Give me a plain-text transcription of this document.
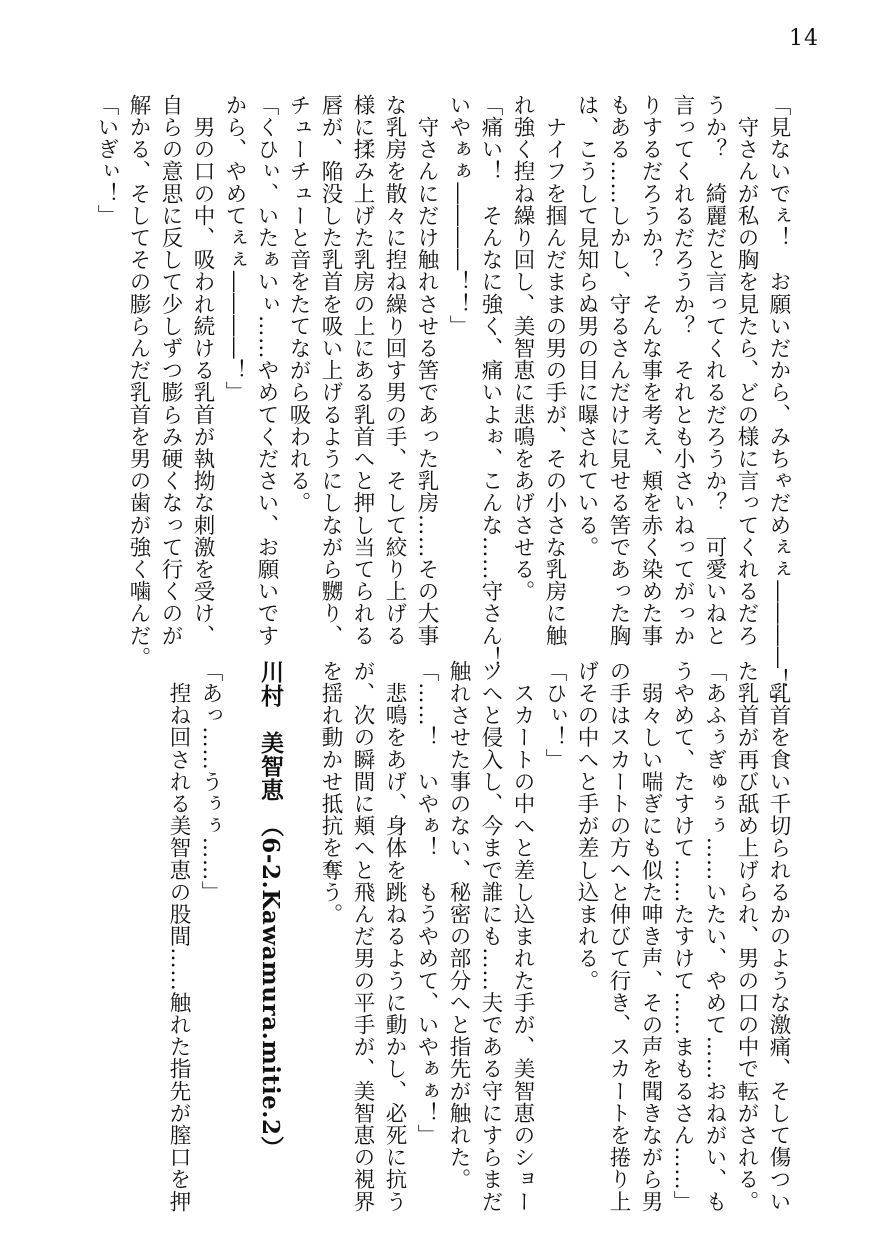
14
「見ないでぇ！　お願いだから、みちゃだめぇぇ――――！」
　守さんが私の胸を見たら、どの様に言ってくれるだろ
うか？　綺麗だと言ってくれるだろうか？　可愛いねと
言ってくれるだろうか？　それとも小さいねってがっか
りするだろうか？　そんな事を考え、頬を赤く染めた事
もある……しかし、守るさんだけに見せる筈であった胸
は、こうして見知らぬ男の目に曝されている。
　ナイフを掴んだままの男の手が、その小さな乳房に触
れ強く揑ね繰り回し、美智恵に悲鳴をあげさせる。
「痛い！　そんなに強く、痛いよぉ、こんな……守さん！
いやぁぁ――――！！」
　守さんにだけ触れさせる筈であった乳房……その大事
な乳房を散々に揑ね繰り回す男の手、そして絞り上げる
様に揉み上げた乳房の上にある乳首へと押し当てられる
唇が、陥没した乳首を吸い上げるようにしながら嬲り、
チューチューと音をたてながら吸われる。
「くひぃ、いたぁいぃ……やめてください、お願いです
から、やめてぇぇ――――！」
　男の口の中、吸われ続ける乳首が執拗な刺激を受け、
自らの意思に反して少しずつ膨らみ硬くなって行くのが
解かる、そしてその膨らんだ乳首を男の歯が強く噛んだ。
「いぎぃ！」
　乳首を食い千切られるかのような激痛、そして傷つい
た乳首が再び舐め上げられ、男の口の中で転がされる。
「あふぅぎゅぅぅ……いたい、やめて……おねがい、も
うやめて、たすけて……たすけて……まもるさん……」
　弱々しい喘ぎにも似た呻き声、その声を聞きながら男
の手はスカートの方へと伸びて行き、スカートを捲り上
げその中へと手が差し込まれる。
「ひぃ！」
　スカートの中へと差し込まれた手が、美智恵のショー
ツへと侵入し、今まで誰にも……夫である守にすらまだ
触れさせた事のない、秘密の部分へと指先が触れた。
「……！　いやぁ！　もうやめて、いやぁぁ！」
　悲鳴をあげ、身体を跳ねるように動かし、必死に抗う
が、次の瞬間に頬へと飛んだ男の平手が、美智恵の視界
を揺れ動かせ抵抗を奪う。
川村　美智恵　（6-2.Kawamura.mitie.2）
「あっ……うぅぅ……」
　揑ね回される美智恵の股間……触れた指先が膣口を押
